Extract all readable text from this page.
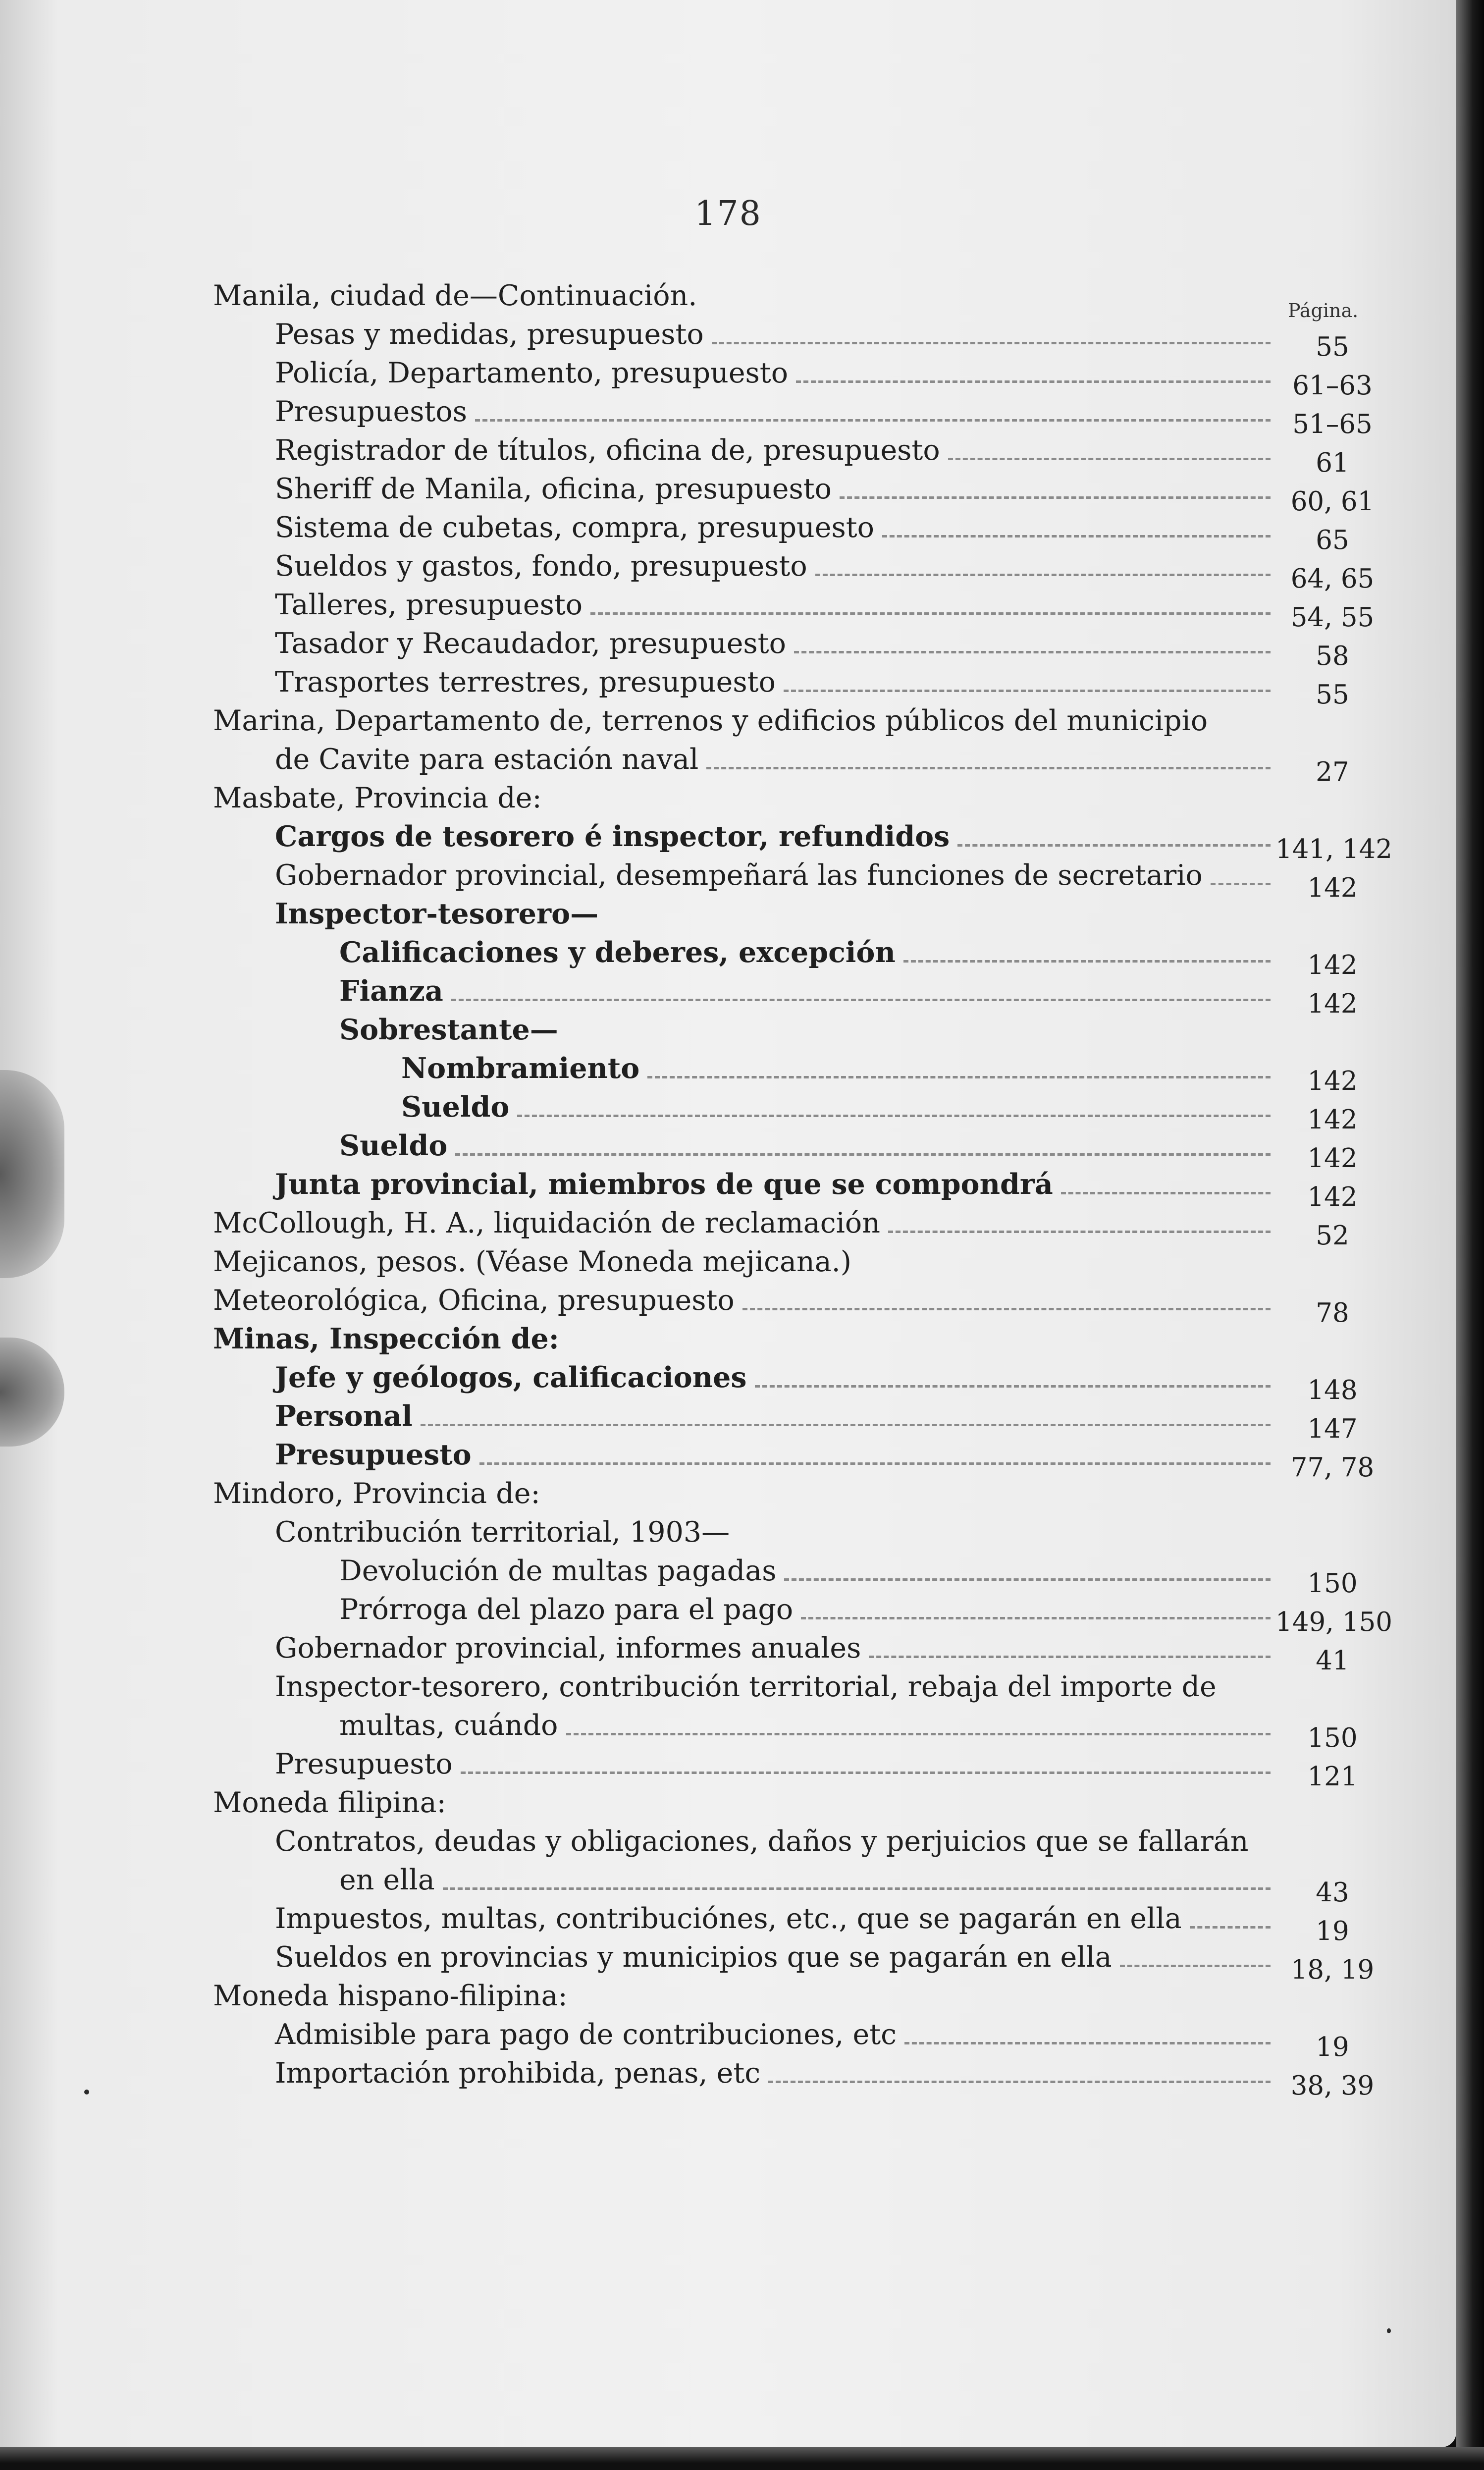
178
Página.
Manila, ciudad de—Continuación.
Pesas y medidas, presupuesto	55
Policía, Departamento, presupuesto	61–63
Presupuestos	51–65
Registrador de títulos, oficina de, presupuesto	61
Sheriff de Manila, oficina, presupuesto	60, 61
Sistema de cubetas, compra, presupuesto	65
Sueldos y gastos, fondo, presupuesto	64, 65
Talleres, presupuesto	54, 55
Tasador y Recaudador, presupuesto	58
Trasportes terrestres, presupuesto	55
Marina, Departamento de, terrenos y edificios públicos del municipio
de Cavite para estación naval	27
Masbate, Provincia de:
Cargos de tesorero é inspector, refundidos	141, 142
Gobernador provincial, desempeñará las funciones de secretario	142
Inspector-tesorero—
Calificaciones y deberes, excepción	142
Fianza	142
Sobrestante—
Nombramiento	142
Sueldo	142
Sueldo	142
Junta provincial, miembros de que se compondrá	142
McCollough, H. A., liquidación de reclamación	52
Mejicanos, pesos. (Véase Moneda mejicana.)
Meteorológica, Oficina, presupuesto	78
Minas, Inspección de:
Jefe y geólogos, calificaciones	148
Personal	147
Presupuesto	77, 78
Mindoro, Provincia de:
Contribución territorial, 1903—
Devolución de multas pagadas	150
Prórroga del plazo para el pago	149, 150
Gobernador provincial, informes anuales	41
Inspector-tesorero, contribución territorial, rebaja del importe de
multas, cuándo	150
Presupuesto	121
Moneda filipina:
Contratos, deudas y obligaciones, daños y perjuicios que se fallarán
en ella	43
Impuestos, multas, contribuciónes, etc., que se pagarán en ella	19
Sueldos en provincias y municipios que se pagarán en ella	18, 19
Moneda hispano-filipina:
Admisible para pago de contribuciones, etc	19
Importación prohibida, penas, etc	38, 39
